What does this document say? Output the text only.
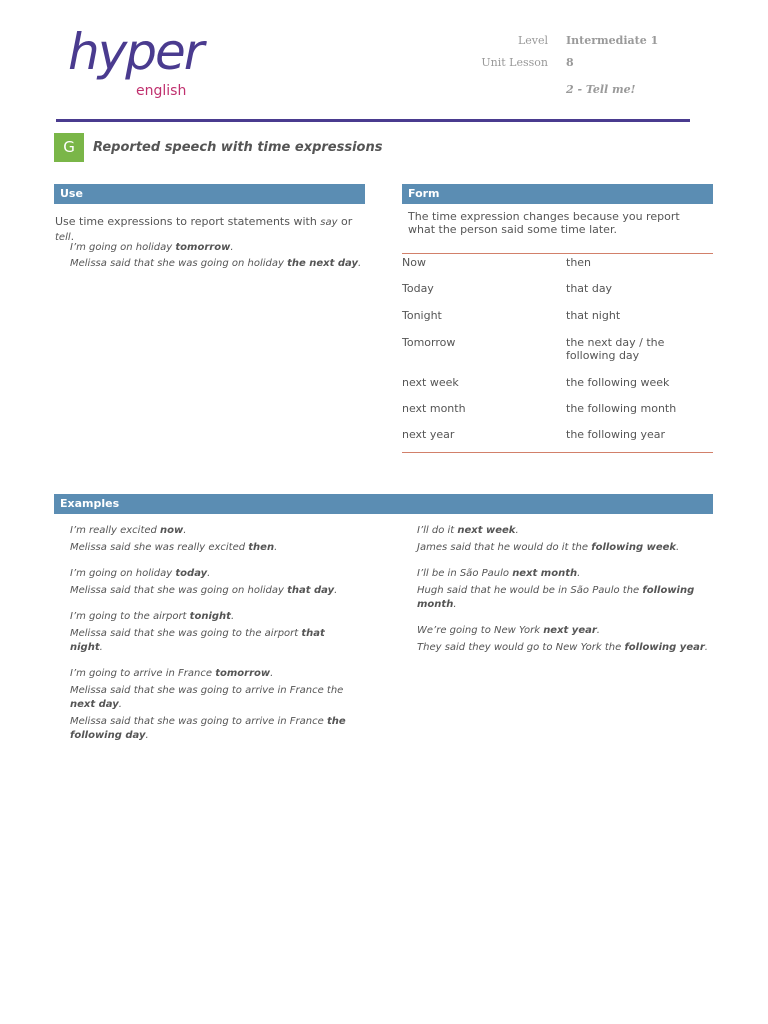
hyper
english
Level
Unit Lesson
Intermediate 1
8
2 - Tell me!
G	Reported speech with time expressions
Use
Use time expressions to report statements with say or tell.
I’m going on holiday tomorrow.
Melissa said that she was going on holiday the next day.
Form
The time expression changes because you report what the person said some time later.
Now	then
Today	that day
Tonight	that night
Tomorrow	the next day / the following day
next week	the following week
next month	the following month
next year	the following year
Examples
I’m really excited now.
Melissa said she was really excited then.
I’m going on holiday today.
Melissa said that she was going on holiday that day.
I’m going to the airport tonight.
Melissa said that she was going to the airport that night.
I’m going to arrive in France tomorrow.
Melissa said that she was going to arrive in France the next day.
Melissa said that she was going to arrive in France the following day.
I’ll do it next week.
James said that he would do it the following week.
I’ll be in São Paulo next month.
Hugh said that he would be in São Paulo the following month.
We’re going to New York next year.
They said they would go to New York the following year.
